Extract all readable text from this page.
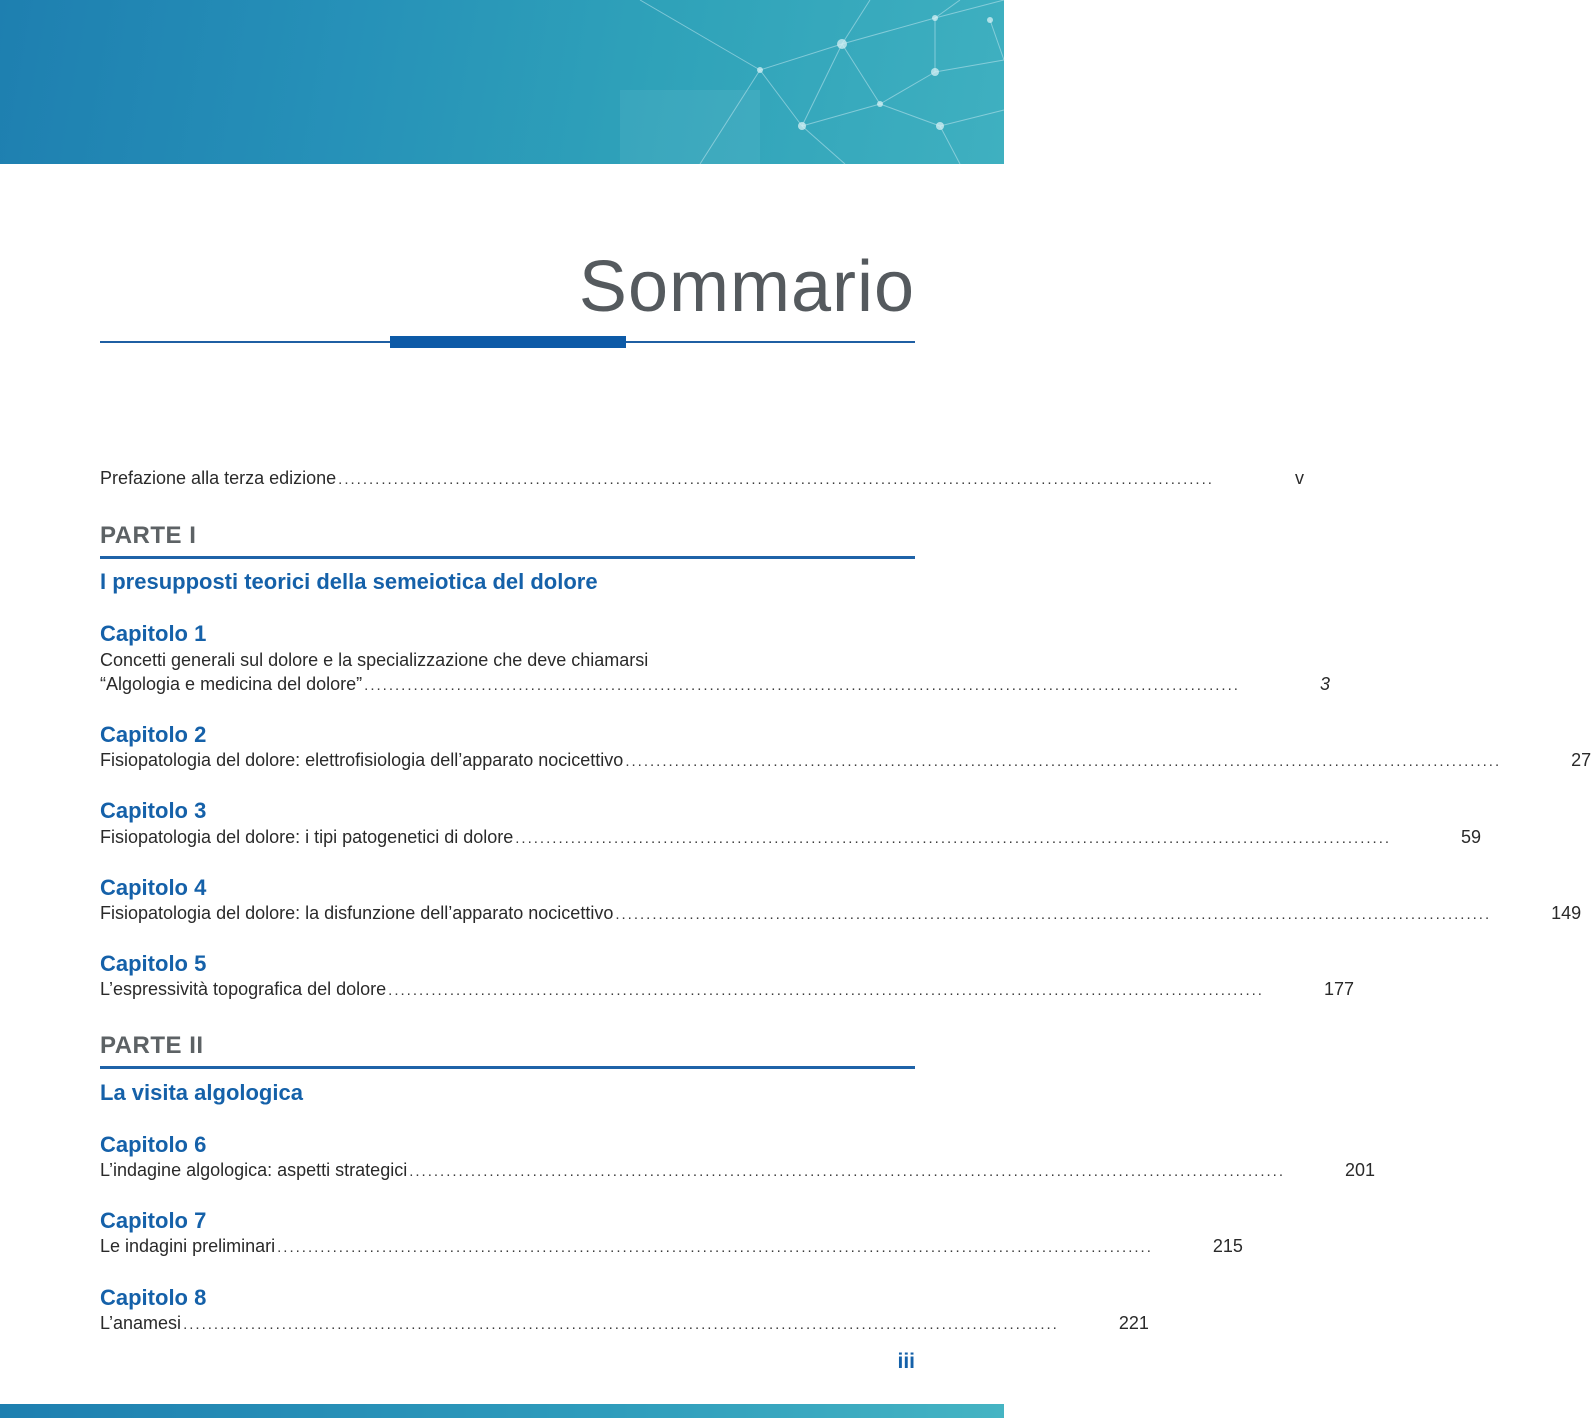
Sommario
Prefazione alla terza edizione ..............................................................................................................................................	v
PARTE I
I presupposti teorici della semeiotica del dolore
Capitolo 1
Concetti generali sul dolore e la specializzazione che deve chiamarsi
“Algologia e medicina del dolore” ..............................................................................................................................................	3
Capitolo 2
Fisiopatologia del dolore: elettrofisiologia dell’apparato nocicettivo ..............................................................................................................................................	27
Capitolo 3
Fisiopatologia del dolore: i tipi patogenetici di dolore ..............................................................................................................................................	59
Capitolo 4
Fisiopatologia del dolore: la disfunzione dell’apparato nocicettivo ..............................................................................................................................................	149
Capitolo 5
L’espressività topografica del dolore ..............................................................................................................................................	177
PARTE II
La visita algologica
Capitolo 6
L’indagine algologica: aspetti strategici ..............................................................................................................................................	201
Capitolo 7
Le indagini preliminari ..............................................................................................................................................	215
Capitolo 8
L’anamesi ..............................................................................................................................................	221
iii
